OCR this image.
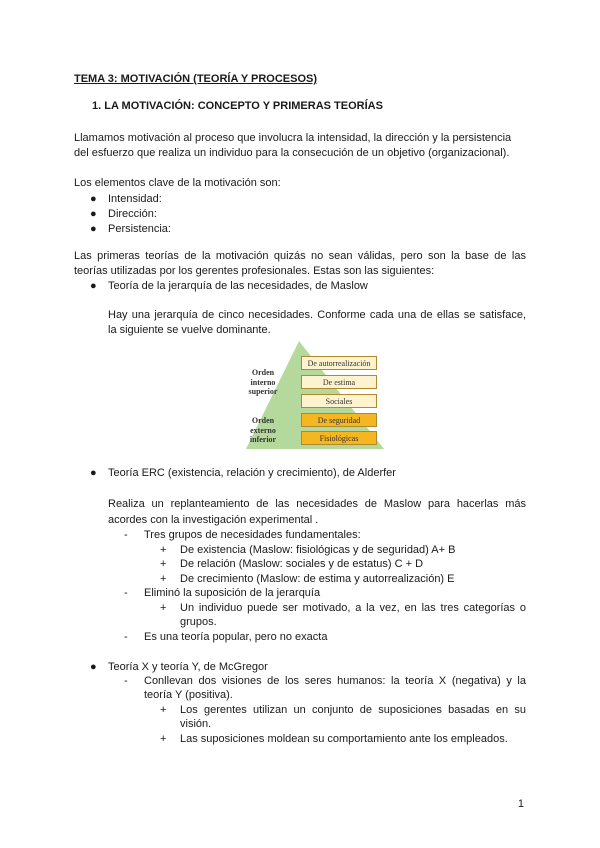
TEMA 3: MOTIVACIÓN (TEORÍA Y PROCESOS)
1. LA MOTIVACIÓN: CONCEPTO Y PRIMERAS TEORÍAS
Llamamos motivación al proceso que involucra la intensidad, la dirección y la persistencia
del esfuerzo que realiza un individuo para la consecución de un objetivo (organizacional).
Los elementos clave de la motivación son:
● Intensidad:
● Dirección:
● Persistencia:
Las primeras teorías de la motivación quizás no sean válidas, pero son la base de las
teorías utilizadas por los gerentes profesionales. Estas son las siguientes:
● Teoría de la jerarquía de las necesidades, de Maslow
Hay una jerarquía de cinco necesidades. Conforme cada una de ellas se satisface,
la siguiente se vuelve dominante.
Orden
interno
superior
Orden
externo
inferior
De autorrealización
De estima
Sociales
De seguridad
Fisiológicas
● Teoría ERC (existencia, relación y crecimiento), de Alderfer
Realiza un replanteamiento de las necesidades de Maslow para hacerlas más
acordes con la investigación experimental .
- Tres grupos de necesidades fundamentales:
+ De existencia (Maslow: fisiológicas y de seguridad) A+ B
+ De relación (Maslow: sociales y de estatus) C + D
+ De crecimiento (Maslow: de estima y autorrealización) E
- Eliminó la suposición de la jerarquía
+	Un individuo puede ser motivado, a la vez, en las tres categorías o
grupos.
- Es una teoría popular, pero no exacta
● Teoría X y teoría Y, de McGregor
-	Conllevan dos visiones de los seres humanos: la teoría X (negativa) y la
teoría Y (positiva).
+	Los gerentes utilizan un conjunto de suposiciones basadas en su
visión.
+ Las suposiciones moldean su comportamiento ante los empleados.
1
